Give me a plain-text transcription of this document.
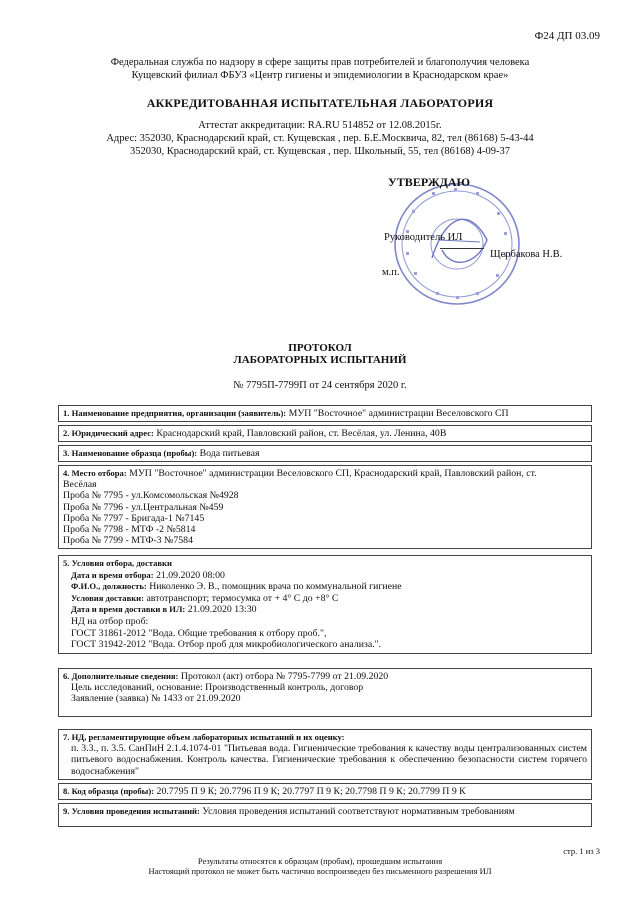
Ф24 ДП 03.09
Федеральная служба по надзору в сфере защиты прав потребителей и благополучия человека
Кущевский филиал ФБУЗ «Центр гигиены и эпидемиологии в Краснодарском крае»
АККРЕДИТОВАННАЯ ИСПЫТАТЕЛЬНАЯ ЛАБОРАТОРИЯ
Аттестат аккредитации: RA.RU 514852 от 12.08.2015г.
Адрес: 352030, Краснодарский край, ст. Кущевская , пер. Б.Е.Москвича, 82, тел (86168) 5-43-44
352030, Краснодарский край, ст. Кущевская , пер. Школьный, 55, тел (86168) 4-09-37
УТВЕРЖДАЮ
Руководитель ИЛ
Щербакова Н.В.
м.п.
ПРОТОКОЛ
ЛАБОРАТОРНЫХ ИСПЫТАНИЙ
№ 7795П-7799П от 24 сентября 2020 г.
1. Наименование предприятия, организации (заявитель): МУП "Восточное" администрации Веселовского СП
2. Юридический адрес: Краснодарский край, Павловский район, ст. Весёлая, ул. Ленина, 40В
3. Наименование образца (пробы): Вода питьевая
4. Место отбора: МУП "Восточное" администрации Веселовского СП, Краснодарский край, Павловский район, ст.
Весёлая
Проба № 7795 - ул.Комсомольская №4928
Проба № 7796 - ул.Центральная №459
Проба № 7797 - Бригада-1 №7145
Проба № 7798 - МТФ -2 №5814
Проба № 7799 - МТФ-3 №7584
5. Условия отбора, доставки
Дата и время отбора: 21.09.2020 08:00
Ф.И.О., должность: Николенко Э. В., помощник врача по коммунальной гигиене
Условия доставки: автотранспорт; термосумка от + 4° С до +8° С
Дата и время доставки в ИЛ: 21.09.2020 13:30
НД на отбор проб:
ГОСТ 31861-2012 "Вода. Общие требования к отбору проб.",
ГОСТ 31942-2012 "Вода. Отбор проб для микробиологического анализа.".
6. Дополнительные сведения: Протокол (акт) отбора № 7795-7799 от 21.09.2020
Цель исследований, основание: Производственный контроль, договор
Заявление (заявка) № 1433 от 21.09.2020
7. НД, регламентирующие объем лабораторных испытаний и их оценку:
п. 3.3., п. 3.5. СанПиН 2.1.4.1074-01 "Питьевая вода. Гигиенические требования к качеству воды централизованных систем питьевого водоснабжения. Контроль качества. Гигиенические требования к обеспечению безопасности систем горячего водоснабжения"
8. Код образца (пробы): 20.7795 П 9 К; 20.7796 П 9 К; 20.7797 П 9 К; 20.7798 П 9 К; 20.7799 П 9 К
9. Условия проведения испытаний: Условия проведения испытаний соответствуют нормативным требованиям
стр. 1 из 3
Результаты относятся к образцам (пробам), прошедшим испытания
Настоящий протокол не может быть частично воспроизведен без письменного разрешения ИЛ
